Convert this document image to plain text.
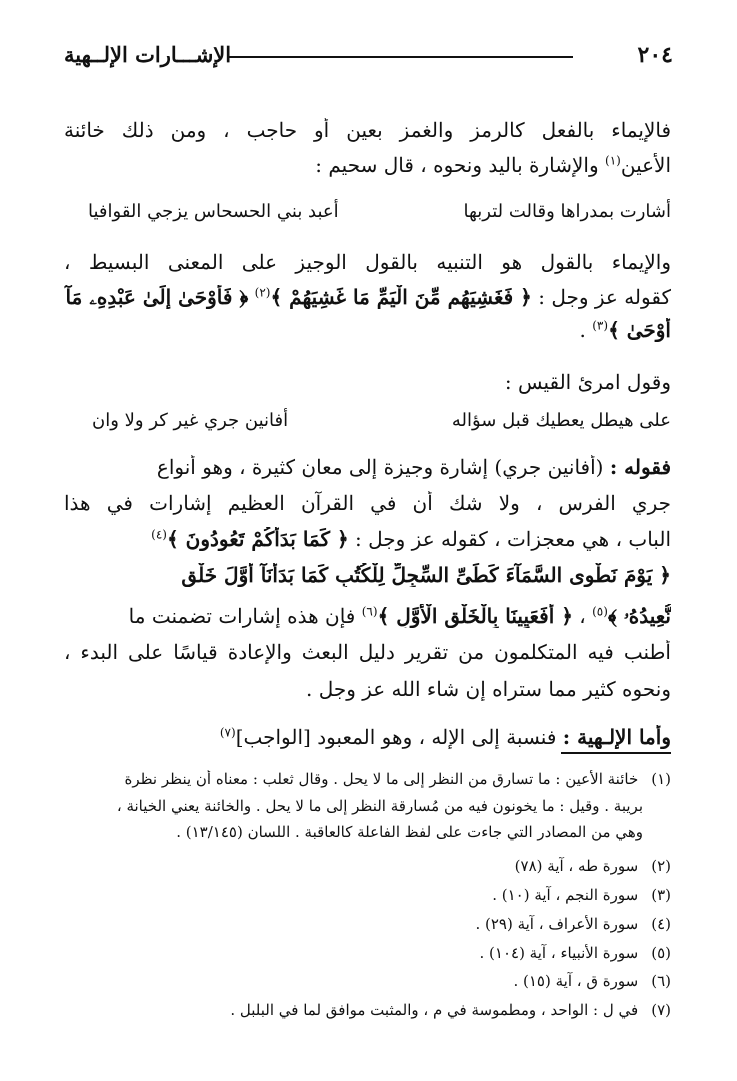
٢٠٤
الإشـــارات الإلــهية
فالإيماء بالفعل كالرمز والغمز بعين أو حاجب ، ومن ذلك خائنة
الأعين$^{(١)}$ والإشارة باليد ونحوه ، قال سحيم :
أشارت بمدراها وقالت لتربها
أعبد بني الحسحاس يزجي القوافيا
والإيماء بالقول هو التنبيه بالقول الوجيز على المعنى البسيط ،
كقوله عز وجل : ﴿ فَغَشِيَهُم مِّنَ الْيَمِّ مَا غَشِيَهُمْ ﴾$^{(٢)}$ ﴿ فَأَوْحَىٰ إِلَىٰ عَبْدِهِۦ مَآ
أَوْحَىٰ ﴾$^{(٣)}$ .
وقول امرئ القيس :
على هيطل يعطيك قبل سؤاله
أفانين جري غير كر ولا وان
فقوله : (أفانين جري) إشارة وجيزة إلى معانٍ كثيرة ، وهو أنواع
جري الفرس ، ولا شك أن في القرآن العظيم إشارات في هذا
الباب ، هي معجزات ، كقوله عز وجل : ﴿ كَمَا بَدَأَكُمْ تَعُودُونَ ﴾$^{(٤)}$
﴿ يَوْمَ نَطْوِى السَّمَآءَ كَطَىِّ السِّجِلِّ لِلْكُتُبِ كَمَا بَدَأْنَآ أَوَّلَ خَلْقٍ
نُّعِيدُهُۥ ﴾$^{(٥)}$ ، ﴿ أَفَعَيِينَا بِالْخَلْقِ الْأَوَّلِ ﴾$^{(٦)}$ فإن هذه إشارات تضمنت ما
أطنب فيه المتكلمون من تقرير دليل البعث والإعادة قياسًا على البدء ،
ونحوه كثير مما ستراه إن شاء الله عز وجل .
وأما الإلـهية : فنسبة إلى الإله ، وهو المعبود [الواجب]$^{(٧)}$
(١) خائنة الأعين : ما تسارق من النظر إلى ما لا يحل . وقال ثعلب : معناه أن ينظر نظرة
بريبة . وقيل : ما يخونون فيه من مُسارقة النظر إلى ما لا يحل . والخائنة يعني الخيانة ،
وهي من المصادر التي جاءت على لفظ الفاعلة كالعاقبة . اللسان (١٣/١٤٥) .
(٢) سورة طه ، آية (٧٨)
(٣) سورة النجم ، آية (١٠) .
(٤) سورة الأعراف ، آية (٢٩) .
(٥) سورة الأنبياء ، آية (١٠٤) .
(٦) سورة ق ، آية (١٥) .
(٧) في ل : الواحد ، ومطموسة في م ، والمثبت موافق لما في البلبل .
